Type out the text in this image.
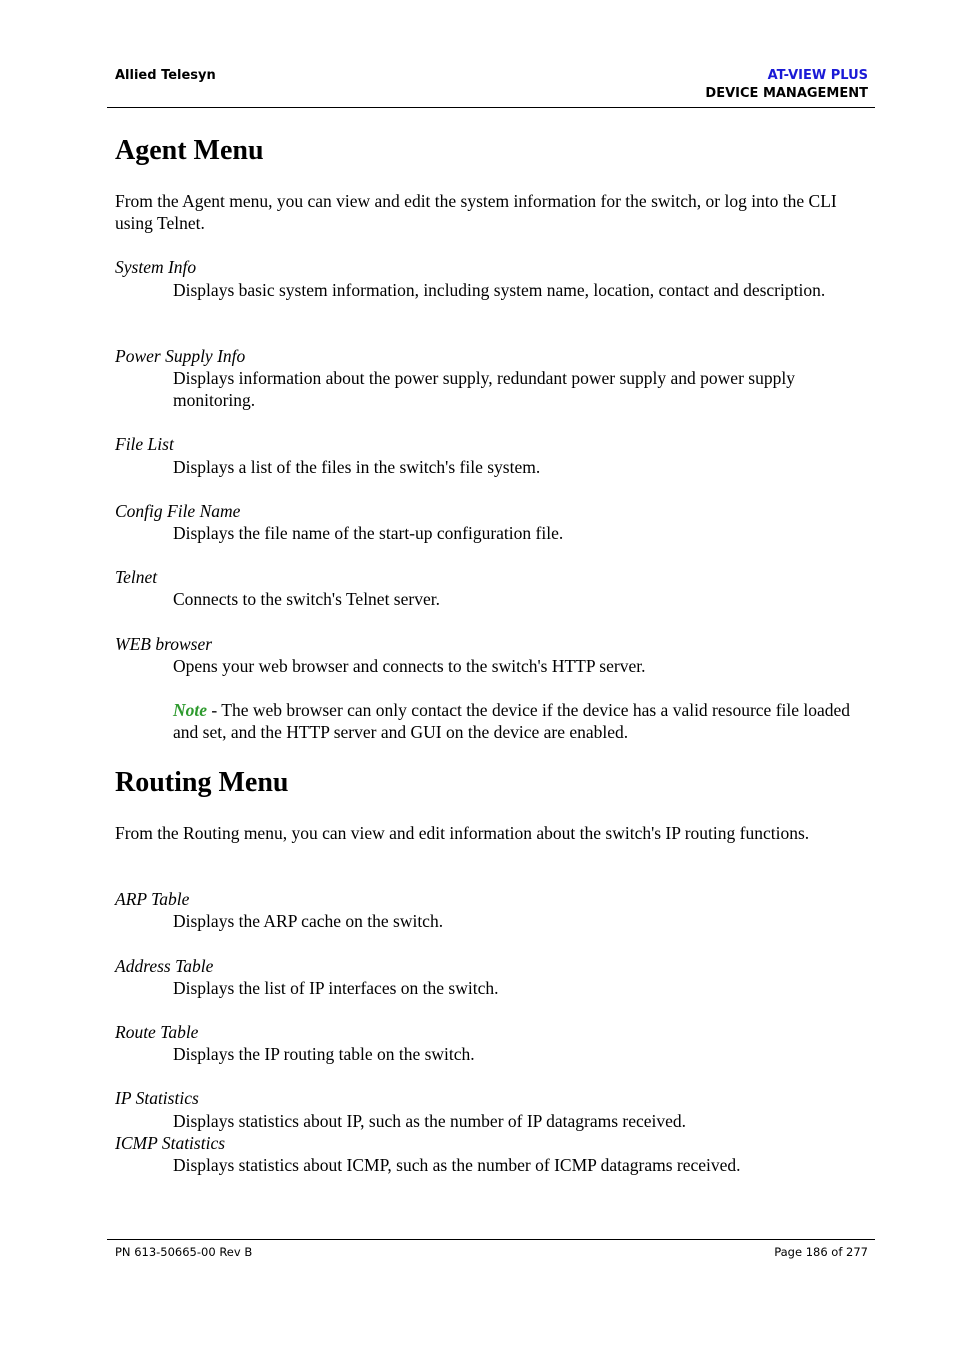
Allied Telesyn	AT-VIEW PLUS
DEVICE MANAGEMENT
Agent Menu
From the Agent menu, you can view and edit the system information for the switch, or log into the CLI using Telnet.
System Info
Displays basic system information, including system name, location, contact and description.
Power Supply Info
Displays information about the power supply, redundant power supply and power supply monitoring.
File List
Displays a list of the files in the switch's file system.
Config File Name
Displays the file name of the start-up configuration file.
Telnet
Connects to the switch's Telnet server.
WEB browser
Opens your web browser and connects to the switch's HTTP server.
Note - The web browser can only contact the device if the device has a valid resource file loaded and set, and the HTTP server and GUI on the device are enabled.
Routing Menu
From the Routing menu, you can view and edit information about the switch's IP routing functions.
ARP Table
Displays the ARP cache on the switch.
Address Table
Displays the list of IP interfaces on the switch.
Route Table
Displays the IP routing table on the switch.
IP Statistics
Displays statistics about IP, such as the number of IP datagrams received.
ICMP Statistics
Displays statistics about ICMP, such as the number of ICMP datagrams received.
PN 613-50665-00 Rev B	Page 186 of 277
